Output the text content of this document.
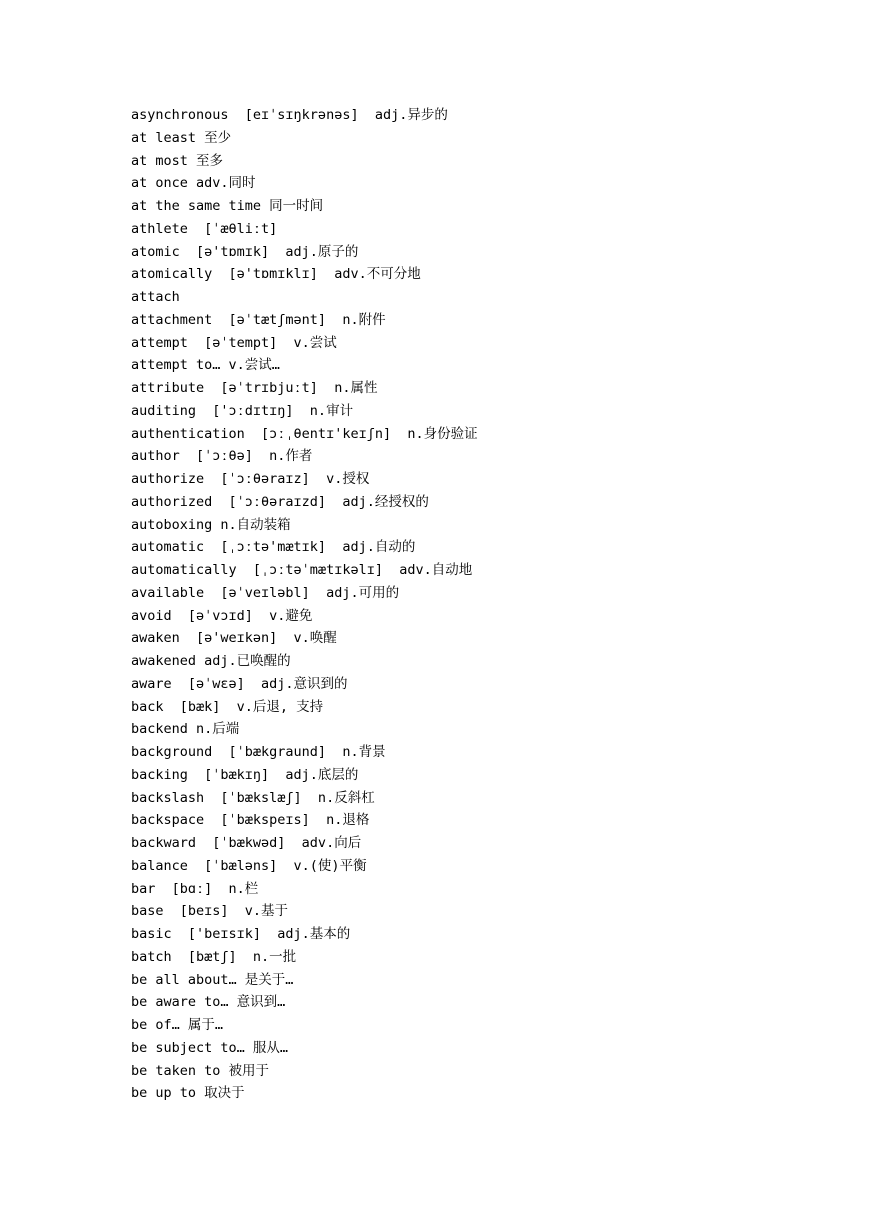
asynchronous  [eɪˈsɪŋkrənəs]  adj.异步的
at least 至少
at most 至多
at once adv.同时
at the same time 同一时间
athlete  [ˈæθliːt]
atomic  [ə'tɒmɪk]  adj.原子的
atomically  [ə'tɒmɪklɪ]  adv.不可分地
attach
attachment  [əˈtætʃmənt]  n.附件
attempt  [əˈtempt]  v.尝试
attempt to… v.尝试…
attribute  [əˈtrɪbjuːt]  n.属性
auditing  ['ɔːdɪtɪŋ]  n.审计
authentication  [ɔːˌθentɪ'keɪʃn]  n.身份验证
author  [ˈɔːθə]  n.作者
authorize  [ˈɔːθəraɪz]  v.授权
authorized  [ˈɔːθəraɪzd]  adj.经授权的
autoboxing n.自动装箱
automatic  [ˌɔːtə'mætɪk]  adj.自动的
automatically  [ˌɔːtəˈmætɪkəlɪ]  adv.自动地
available  [əˈveɪləbl]  adj.可用的
avoid  [əˈvɔɪd]  v.避免
awaken  [ə'weɪkən]  v.唤醒
awakened adj.已唤醒的
aware  [əˈwɛə]  adj.意识到的
back  [bæk]  v.后退, 支持
backend n.后端
background  [ˈbækgraund]  n.背景
backing  [ˈbækɪŋ]  adj.底层的
backslash  [ˈbækslæʃ]  n.反斜杠
backspace  [ˈbækspeɪs]  n.退格
backward  [ˈbækwəd]  adv.向后
balance  [ˈbæləns]  v.(使)平衡
bar  [bɑː]  n.栏
base  [beɪs]  v.基于
basic  ['beɪsɪk]  adj.基本的
batch  [bætʃ]  n.一批
be all about… 是关于…
be aware to… 意识到…
be of… 属于…
be subject to… 服从…
be taken to 被用于
be up to 取决于
